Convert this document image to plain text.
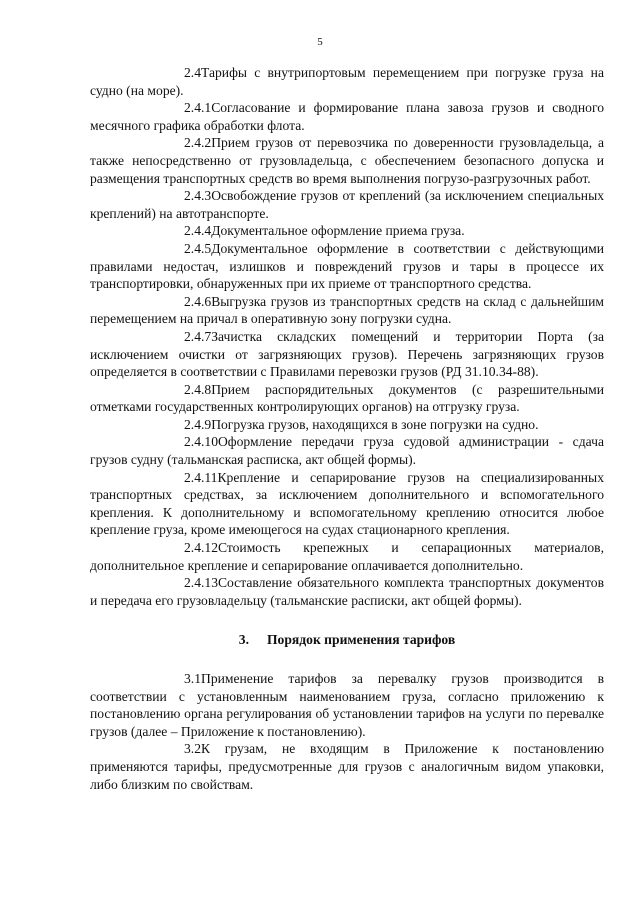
5

2.4Тарифы с внутрипортовым перемещением при погрузке груза на судно (на море).

2.4.1Согласование и формирование плана завоза грузов и сводного месячного графика обработки флота.

2.4.2Прием грузов от перевозчика по доверенности грузовладельца, а также непосредственно от грузовладельца, с обеспечением безопасного допуска и размещения транспортных средств во время выполнения погрузо-разгрузочных работ.

2.4.3Освобождение грузов от креплений (за исключением специальных креплений) на автотранспорте.

2.4.4Документальное оформление приема груза.

2.4.5Документальное оформление в соответствии с действующими правилами недостач, излишков и повреждений грузов и тары в процессе их транспортировки, обнаруженных при их приеме от транспортного средства.

2.4.6Выгрузка грузов из транспортных средств на склад с дальнейшим перемещением на причал в оперативную зону погрузки судна.

2.4.7Зачистка складских помещений и территории Порта (за исключением очистки от загрязняющих грузов). Перечень загрязняющих грузов определяется в соответствии с Правилами перевозки грузов (РД 31.10.34-88).

2.4.8Прием распорядительных документов (с разрешительными отметками государственных контролирующих органов) на отгрузку груза.

2.4.9Погрузка грузов, находящихся в зоне погрузки на судно.

2.4.10Оформление передачи груза судовой администрации - сдача грузов судну (тальманская расписка, акт общей формы).

2.4.11Крепление и сепарирование грузов на специализированных транспортных средствах, за исключением дополнительного и вспомогательного крепления. К дополнительному и вспомогательному креплению относится любое крепление груза, кроме имеющегося на судах стационарного крепления.

2.4.12Стоимость крепежных и сепарационных материалов, дополнительное крепление и сепарирование оплачивается дополнительно.

2.4.13Составление обязательного комплекта транспортных документов и передача его грузовладельцу (тальманские расписки, акт общей формы).

3. Порядок применения тарифов

3.1Применение тарифов за перевалку грузов производится в соответствии с установленным наименованием груза, согласно приложению к постановлению органа регулирования об установлении тарифов на услуги по перевалке грузов (далее – Приложение к постановлению).

3.2К грузам, не входящим в Приложение к постановлению применяются тарифы, предусмотренные для грузов с аналогичным видом упаковки, либо близким по свойствам.
